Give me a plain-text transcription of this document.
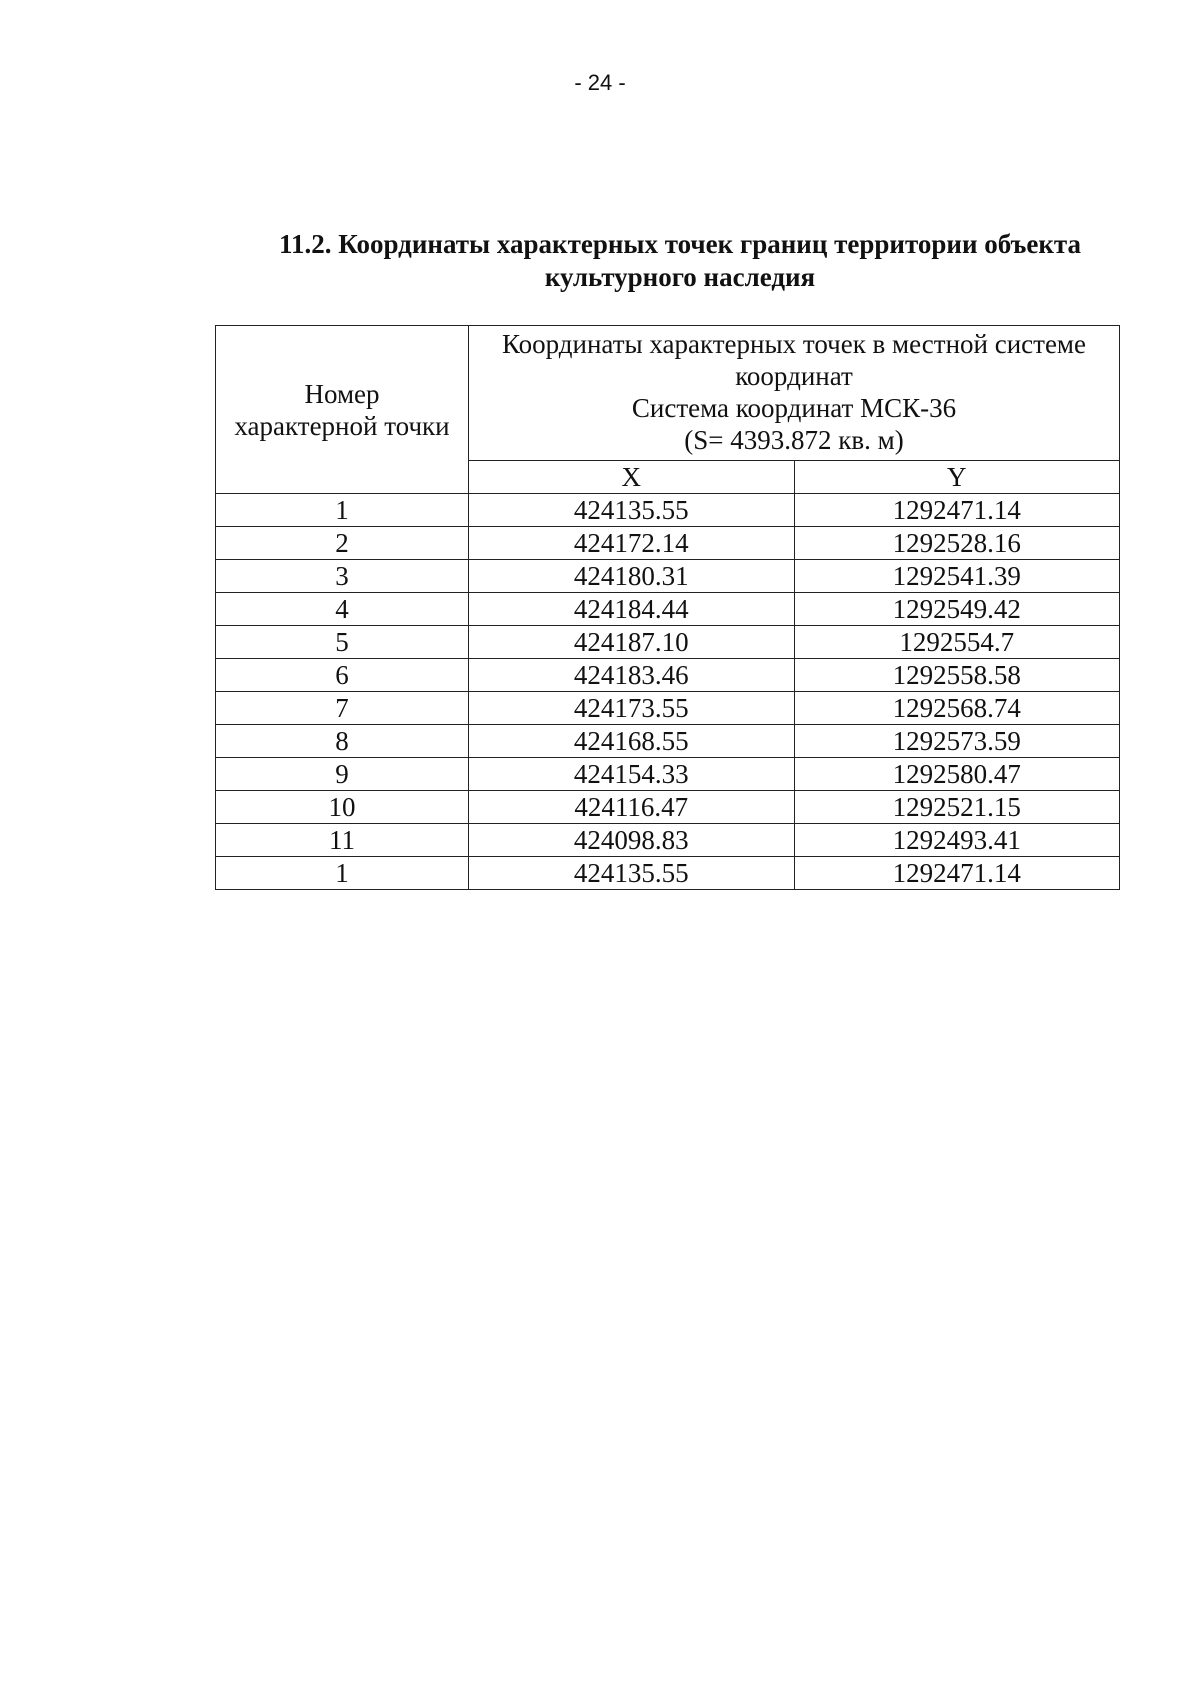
- 24 -
11.2. Координаты характерных точек границ территории объекта
культурного наследия
Номер
характерной точки	Координаты характерных точек в местной системе
координат
Система координат МСК-36
(S= 4393.872 кв. м)	

	X	Y
1	424135.55	1292471.14
2	424172.14	1292528.16
3	424180.31	1292541.39
4	424184.44	1292549.42
5	424187.10	1292554.7
6	424183.46	1292558.58
7	424173.55	1292568.74
8	424168.55	1292573.59
9	424154.33	1292580.47
10	424116.47	1292521.15
11	424098.83	1292493.41
1	424135.55	1292471.14
